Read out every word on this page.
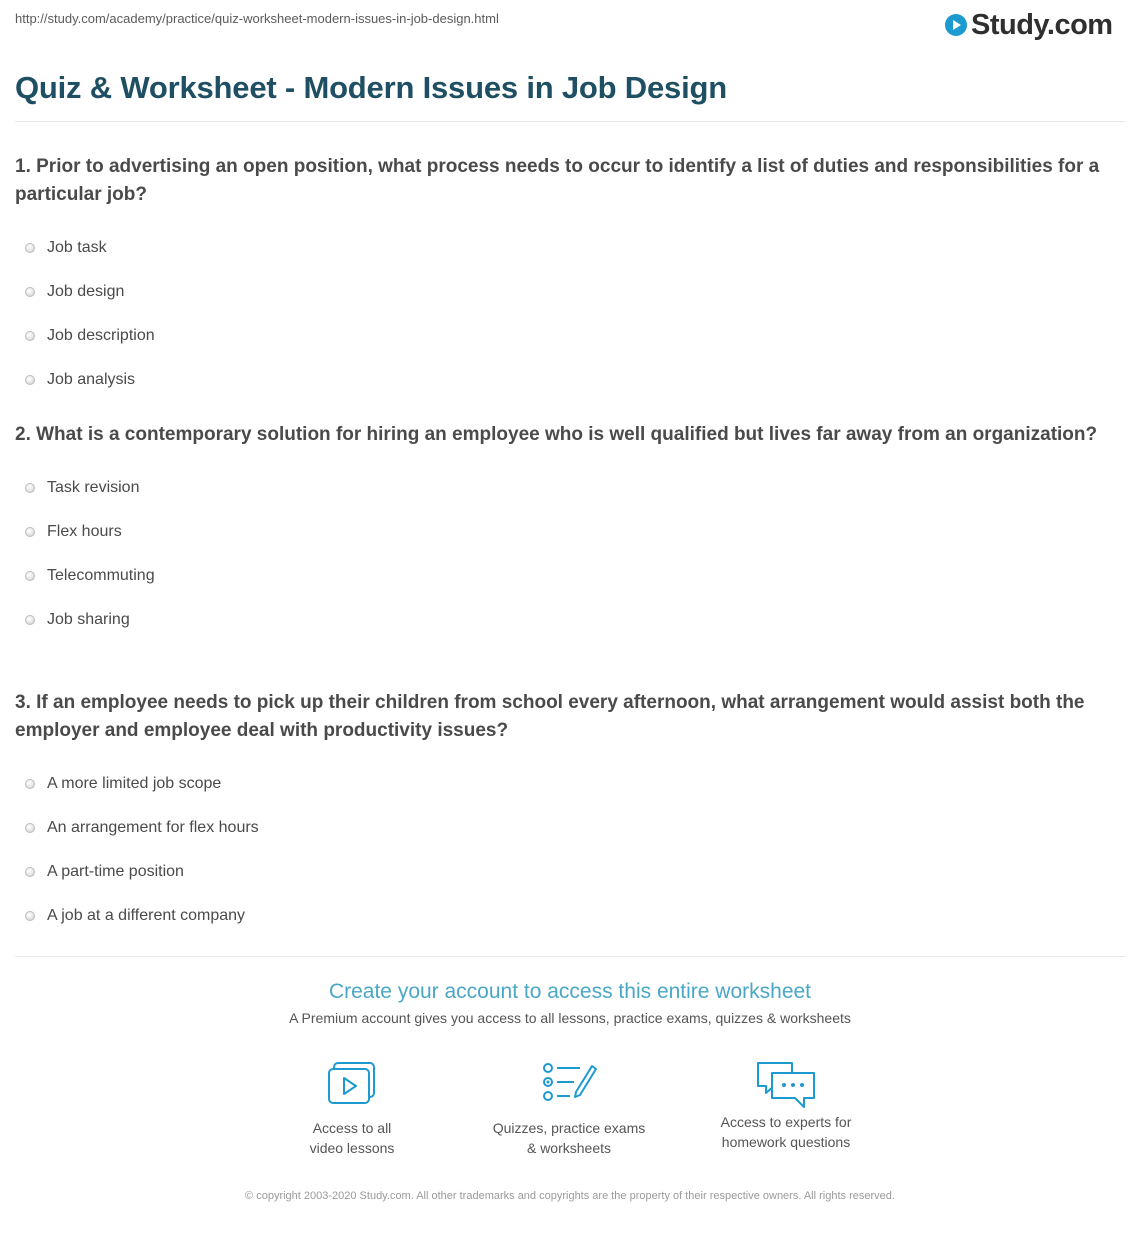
http://study.com/academy/practice/quiz-worksheet-modern-issues-in-job-design.html	Study.com
Quiz & Worksheet - Modern Issues in Job Design
1. Prior to advertising an open position, what process needs to occur to identify a list of duties and responsibilities for a particular job?
Job task
Job design
Job description
Job analysis
2. What is a contemporary solution for hiring an employee who is well qualified but lives far away from an organization?
Task revision
Flex hours
Telecommuting
Job sharing
3. If an employee needs to pick up their children from school every afternoon, what arrangement would assist both the employer and employee deal with productivity issues?
A more limited job scope
An arrangement for flex hours
A part-time position
A job at a different company
Create your account to access this entire worksheet
A Premium account gives you access to all lessons, practice exams, quizzes & worksheets
Access to all
video lessons
Quizzes, practice exams
& worksheets
Access to experts for
homework questions
© copyright 2003-2020 Study.com. All other trademarks and copyrights are the property of their respective owners. All rights reserved.
